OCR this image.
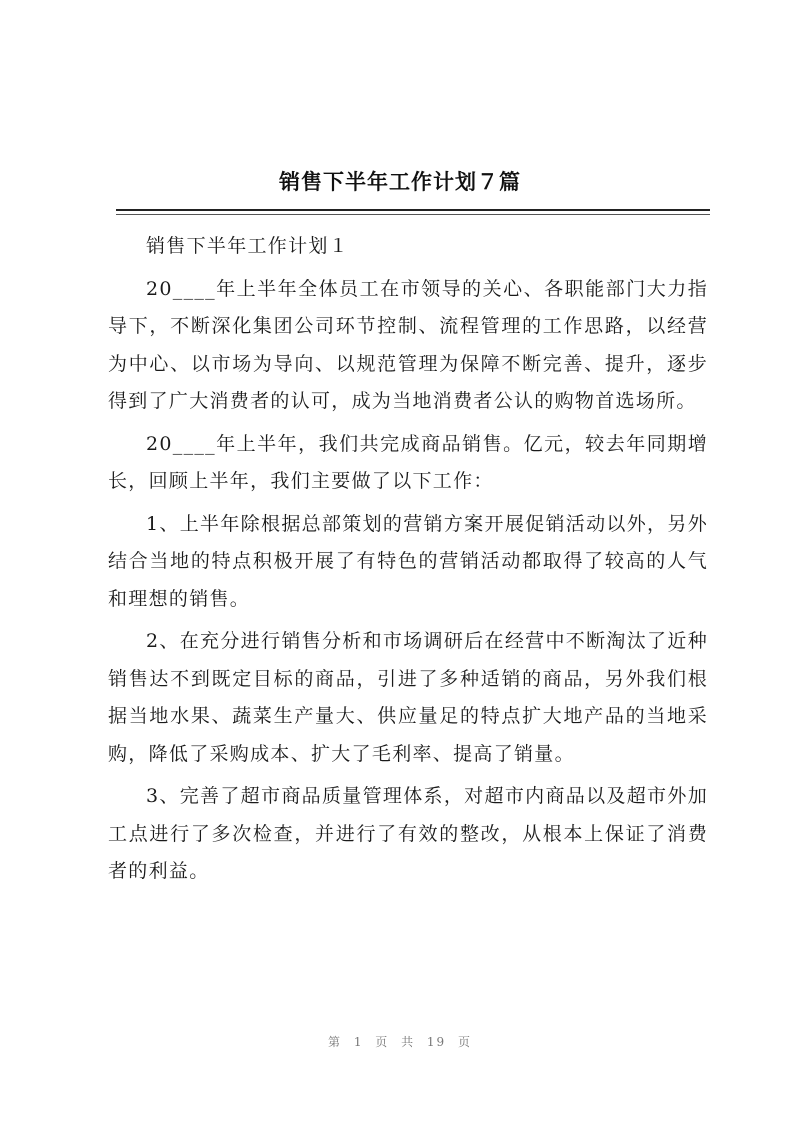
销售下半年工作计划７篇

销售下半年工作计划１

20____年上半年全体员工在市领导的关心、各职能部门大力指导下，不断深化集团公司环节控制、流程管理的工作思路，以经营为中心、以市场为导向、以规范管理为保障不断完善、提升，逐步得到了广大消费者的认可，成为当地消费者公认的购物首选场所。

20____年上半年，我们共完成商品销售。亿元，较去年同期增长，回顾上半年，我们主要做了以下工作：

1、上半年除根据总部策划的营销方案开展促销活动以外，另外结合当地的特点积极开展了有特色的营销活动都取得了较高的人气和理想的销售。

2、在充分进行销售分析和市场调研后在经营中不断淘汰了近种销售达不到既定目标的商品，引进了多种适销的商品，另外我们根据当地水果、蔬菜生产量大、供应量足的特点扩大地产品的当地采购，降低了采购成本、扩大了毛利率、提高了销量。

3、完善了超市商品质量管理体系，对超市内商品以及超市外加工点进行了多次检查，并进行了有效的整改，从根本上保证了消费者的利益。

第 1 页 共 19 页
